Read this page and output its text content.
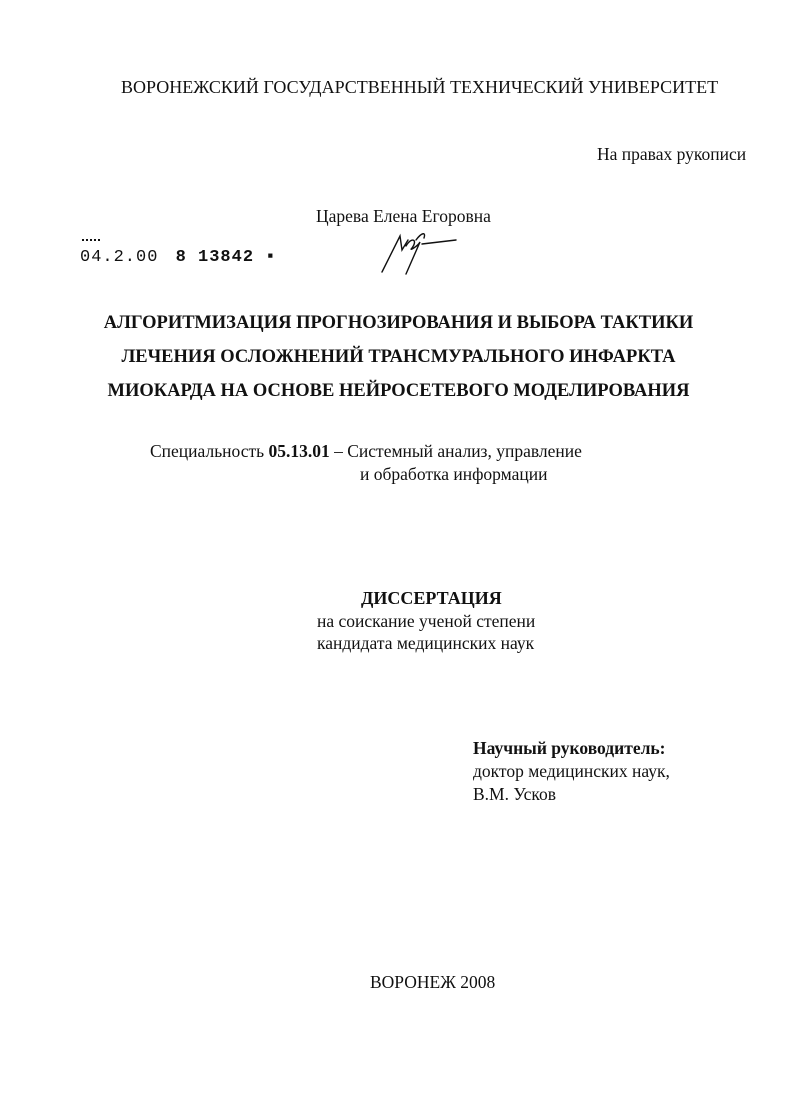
ВОРОНЕЖСКИЙ ГОСУДАРСТВЕННЫЙ ТЕХНИЧЕСКИЙ УНИВЕРСИТЕТ
На правах рукописи
Царева Елена Егоровна
04.2.00 8 13842 ▪
АЛГОРИТМИЗАЦИЯ ПРОГНОЗИРОВАНИЯ И ВЫБОРА ТАКТИКИ
ЛЕЧЕНИЯ ОСЛОЖНЕНИЙ ТРАНСМУРАЛЬНОГО ИНФАРКТА
МИОКАРДА НА ОСНОВЕ НЕЙРОСЕТЕВОГО МОДЕЛИРОВАНИЯ
Специальность 05.13.01 – Системный анализ, управление
и обработка информации
ДИССЕРТАЦИЯ
на соискание ученой степени
кандидата медицинских наук
Научный руководитель:
доктор медицинских наук,
В.М. Усков
ВОРОНЕЖ 2008
